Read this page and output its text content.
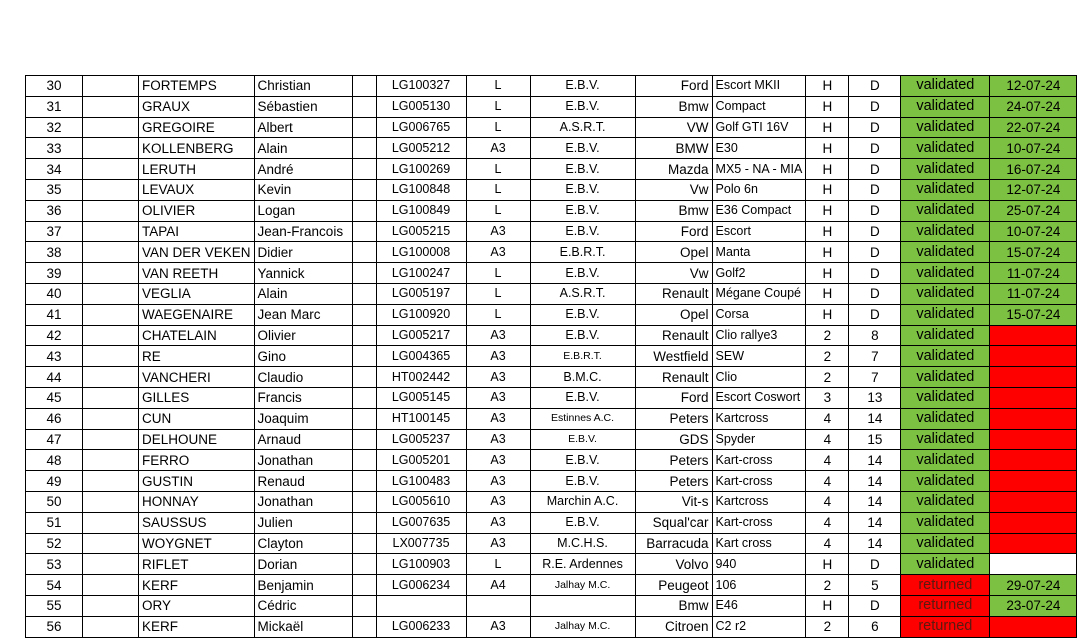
30		FORTEMPS	Christian		LG100327	L	E.B.V.	Ford	Escort MKII	H	D	validated	12-07-24
31		GRAUX	Sébastien		LG005130	L	E.B.V.	Bmw	Compact	H	D	validated	24-07-24
32		GREGOIRE	Albert		LG006765	L	A.S.R.T.	VW	Golf GTI 16V	H	D	validated	22-07-24
33		KOLLENBERG	Alain		LG005212	A3	E.B.V.	BMW	E30	H	D	validated	10-07-24
34		LERUTH	André		LG100269	L	E.B.V.	Mazda	MX5 - NA - MIA	H	D	validated	16-07-24
35		LEVAUX	Kevin		LG100848	L	E.B.V.	Vw	Polo 6n	H	D	validated	12-07-24
36		OLIVIER	Logan		LG100849	L	E.B.V.	Bmw	E36 Compact	H	D	validated	25-07-24
37		TAPAI	Jean-Francois		LG005215	A3	E.B.V.	Ford	Escort	H	D	validated	10-07-24
38		VAN DER VEKEN	Didier		LG100008	A3	E.B.R.T.	Opel	Manta	H	D	validated	15-07-24
39		VAN REETH	Yannick		LG100247	L	E.B.V.	Vw	Golf2	H	D	validated	11-07-24
40		VEGLIA	Alain		LG005197	L	A.S.R.T.	Renault	Mégane Coupé	H	D	validated	11-07-24
41		WAEGENAIRE	Jean Marc		LG100920	L	E.B.V.	Opel	Corsa	H	D	validated	15-07-24
42		CHATELAIN	Olivier		LG005217	A3	E.B.V.	Renault	Clio rallye3	2	8	validated	
43		RE	Gino		LG004365	A3	E.B.R.T.	Westfield	SEW	2	7	validated	
44		VANCHERI	Claudio		HT002442	A3	B.M.C.	Renault	Clio	2	7	validated	
45		GILLES	Francis		LG005145	A3	E.B.V.	Ford	Escort Coswort	3	13	validated	
46		CUN	Joaquim		HT100145	A3	Estinnes A.C.	Peters	Kartcross	4	14	validated	
47		DELHOUNE	Arnaud		LG005237	A3	E.B.V.	GDS	Spyder	4	15	validated	
48		FERRO	Jonathan		LG005201	A3	E.B.V.	Peters	Kart-cross	4	14	validated	
49		GUSTIN	Renaud		LG100483	A3	E.B.V.	Peters	Kart-cross	4	14	validated	
50		HONNAY	Jonathan		LG005610	A3	Marchin A.C.	Vit-s	Kartcross	4	14	validated	
51		SAUSSUS	Julien		LG007635	A3	E.B.V.	Squal'car	Kart-cross	4	14	validated	
52		WOYGNET	Clayton		LX007735	A3	M.C.H.S.	Barracuda	Kart cross	4	14	validated	
53		RIFLET	Dorian		LG100903	L	R.E. Ardennes	Volvo	940	H	D	validated	
54		KERF	Benjamin		LG006234	A4	Jalhay M.C.	Peugeot	106	2	5	returned	29-07-24
55		ORY	Cédric					Bmw	E46	H	D	returned	23-07-24
56		KERF	Mickaël		LG006233	A3	Jalhay M.C.	Citroen	C2 r2	2	6	returned	
